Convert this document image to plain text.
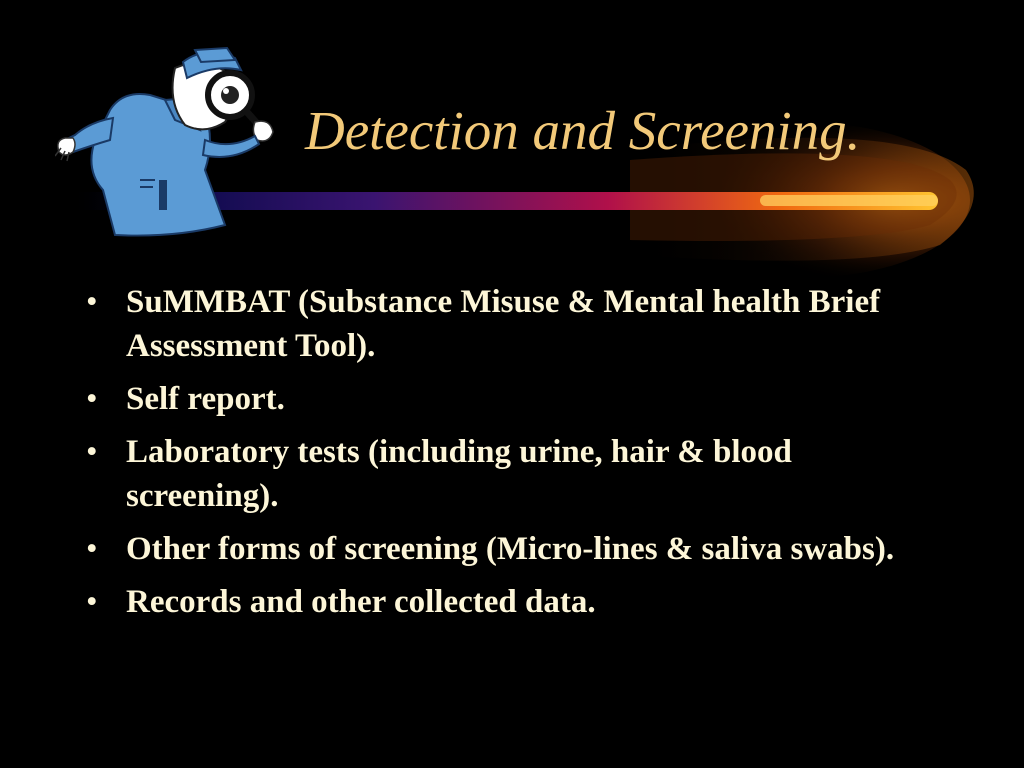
Detection and Screening.
• SuMMBAT (Substance Misuse & Mental health Brief Assessment Tool).
• Self report.
• Laboratory tests (including urine, hair & blood screening).
• Other forms of screening (Micro-lines & saliva swabs).
• Records and other collected data.
